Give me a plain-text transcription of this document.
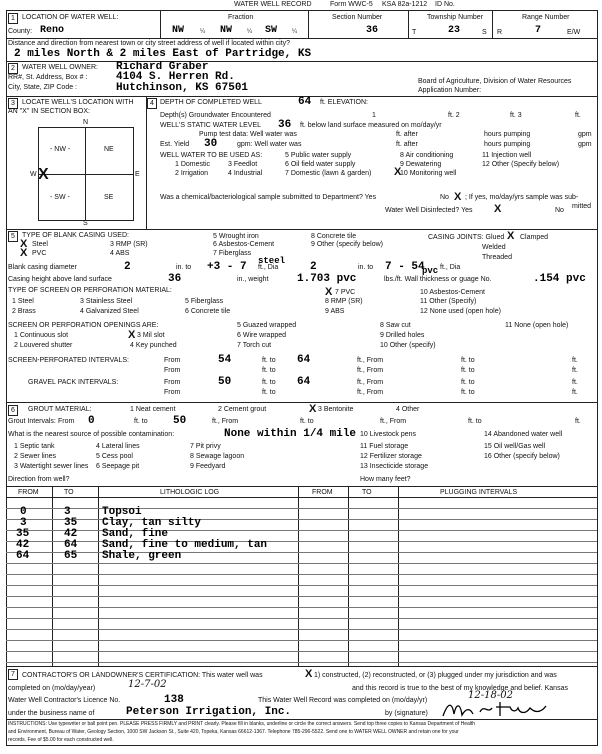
WATER WELL RECORD	Form WWC-5 KSA 82a-1212 ID No.
1	LOCATION OF WATER WELL:
County: Reno
Fraction
NW	¼ NW ¼ SW ¼
Section Number
36
Township Number
T	23	S
Range Number
R	7	E/W
Distance and direction from nearest town or city street address of well if located within city?
2 miles North & 2 miles East of Partridge, KS
2	WATER WELL OWNER: Richard Graber
RR#, St. Address, Box # :	4104 S. Herren Rd.
City, State, ZIP Code :	Hutchinson, KS 67501
Board of Agriculture, Division of Water Resources
Application Number:
3	LOCATE WELL'S LOCATION WITH
AN "X" IN SECTION BOX:
N
S
W	E
- NW -	NE
- SW -	SE
X
4 DEPTH OF COMPLETED WELL	64 ft. ELEVATION:
Depth(s) Groundwater Encountered	1	ft. 2	ft. 3	ft.
WELL'S STATIC WATER LEVEL 36 ft. below land surface measured on mo/day/yr
Pump test data: Well water was	ft. after	hours pumping	gpm
Est. Yield 30	gpm: Well water was	ft. after	hours pumping	gpm
WELL WATER TO BE USED AS:
1 Domestic	3 Feedlot
5 Public water supply	8 Air conditioning	11 Injection well
2 Irrigation	4 Industrial
6 Oil field water supply	9 Dewatering	12 Other (Specify below)
7 Domestic (lawn & garden)	10 Monitoring well
X
Was a chemical/bacteriological sample submitted to Department? Yes	No X ; If yes, mo/day/yrs sample was sub-
mitted
Water Well Disinfected? Yes X	No
5	TYPE OF BLANK CASING USED:
X Steel	3 RMP (SR)
5 Wrought iron	8 Concrete tile
X PVC	4 ABS
6 Asbestos-Cement	9 Other (specify below)
7 Fiberglass
CASING JOINTS: Glued X Clamped
Welded
Threaded
Blank casing diameter	2	in. to +3 - 7 ft., Dia
steel 2	in. to 7 - 54
pvc ft., Dia
Casing height above land surface	36	in., weight	1.703 pvc	lbs./ft. Wall thickness or guage No.	.154 pvc
TYPE OF SCREEN OR PERFORATION MATERIAL:
1 Steel	3 Stainless Steel	5 Fiberglass
X 7 PVC	10 Asbestos-Cement
2 Brass	4 Galvanized Steel	6 Concrete tile
8 RMP (SR)	11 Other (Specify)
9 ABS	12 None used (open hole)
SCREEN OR PERFORATION OPENINGS ARE:	5 Guazed wrapped	8 Saw cut	11 None (open hole)
1 Continuous slot	X 3 Mil slot	6 Wire wrapped	9 Drilled holes
2 Louvered shutter	4 Key punched	7 Torch cut	10 Other (specify)
SCREEN-PERFORATED INTERVALS:	From	54	ft. to 64	ft., From	ft. to	ft.
From	ft. to	ft., From	ft. to	ft.
GRAVEL PACK INTERVALS:	From	50	ft. to 64	ft., From	ft. to	ft.
From	ft. to	ft., From	ft. to	ft.
6	GROUT MATERIAL:	1 Neat cement	2 Cement grout	X 3 Bentonite	4 Other
Grout Intervals: From 0	ft. to 50	ft., From	ft. to	ft., From	ft. to	ft.
What is the nearest source of possible contamination:	None within 1/4 mile
1 Septic tank	4 Lateral lines	7 Pit privy
10 Livestock pens	14 Abandoned water well
2 Sewer lines	5 Cess pool	8 Sewage lagoon
11 Fuel storage	15 Oil well/Gas well
3 Watertight sewer lines 6 Seepage pit	9 Feedyard
12 Fertilizer storage	16 Other (specify below)
13 Insecticide storage
Direction from well?	How many feet?
FROM	TO	LITHOLOGIC LOG	FROM	TO	PLUGGING INTERVALS
0	3	Topsoi
3	35 Clay, tan silty
35	42 Sand, fine
42	64 Sand, fine to medium, tan
64	65 Shale, green
7	CONTRACTOR'S OR LANDOWNER'S CERTIFICATION: This water well was	X 1) constructed, (2) reconstructed, or (3) plugged under my jurisdiction and was
completed on (mo/day/year)	12-7-02	and this record is true to the best of my knowledge and belief. Kansas
Water Well Contractor's Licence No.	138	This Water Well Record was completed on (mo/day/yr)	12-18-02
under the business name of	Peterson Irrigation, Inc.	by (signature)
INSTRUCTIONS: Use typewriter or ball point pen. PLEASE PRESS FIRMLY and PRINT clearly. Please fill in blanks, underline or circle the correct answers. Send top three copies to Kansas Department of Health
and Environment, Bureau of Water, Geology Section, 1000 SW Jackson St., Suite 420, Topeka, Kansas 66612-1367. Telephone 785-296-5522. Send one to WATER WELL OWNER and retain one for your
records. Fee of $5.00 for each constructed well.
